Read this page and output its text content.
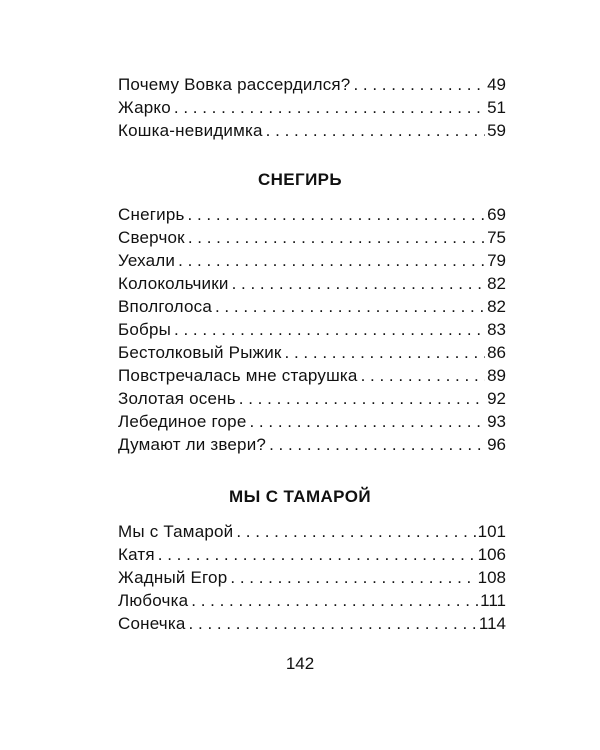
Почему Вовка рассердился? . . .	49
Жарко . . .	51
Кошка-невидимка . . .	59
СНЕГИРЬ
Снегирь . . .	69
Сверчок . . .	75
Уехали . . .	79
Колокольчики . . .	82
Вполголоса . . .	82
Бобры . . .	83
Бестолковый Рыжик . . .	86
Повстречалась мне старушка . . .	89
Золотая осень . . .	92
Лебединое горе . . .	93
Думают ли звери? . . .	96
МЫ С ТАМАРОЙ
Мы с Тамарой . . .	101
Катя . . .	106
Жадный Егор . . .	108
Любочка . . .	111
Сонечка . . .	114
142
